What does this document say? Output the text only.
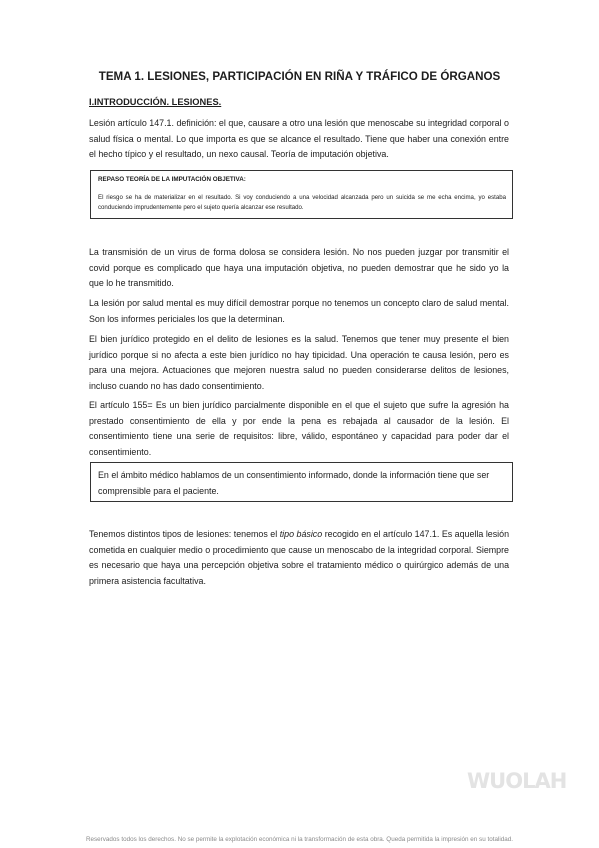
TEMA 1. LESIONES, PARTICIPACIÓN EN RIÑA Y TRÁFICO DE ÓRGANOS
I.INTRODUCCIÓN. LESIONES.

Lesión artículo 147.1. definición: el que, causare a otro una lesión que menoscabe su integridad corporal o salud física o mental. Lo que importa es que se alcance el resultado. Tiene que haber una conexión entre el hecho típico y el resultado, un nexo causal. Teoría de imputación objetiva.

REPASO TEORÍA DE LA IMPUTACIÓN OBJETIVA:
El riesgo se ha de materializar en el resultado. Si voy conduciendo a una velocidad alcanzada pero un suicida se me echa encima, yo estaba conduciendo imprudentemente pero el sujeto quería alcanzar ese resultado.

La transmisión de un virus de forma dolosa se considera lesión. No nos pueden juzgar por transmitir el covid porque es complicado que haya una imputación objetiva, no pueden demostrar que he sido yo la que lo he transmitido.

La lesión por salud mental es muy difícil demostrar porque no tenemos un concepto claro de salud mental. Son los informes periciales los que la determinan.

El bien jurídico protegido en el delito de lesiones es la salud. Tenemos que tener muy presente el bien jurídico porque si no afecta a este bien jurídico no hay tipicidad. Una operación te causa lesión, pero es para una mejora. Actuaciones que mejoren nuestra salud no pueden considerarse delitos de lesiones, incluso cuando no has dado consentimiento.

El artículo 155= Es un bien jurídico parcialmente disponible en el que el sujeto que sufre la agresión ha prestado consentimiento de ella y por ende la pena es rebajada al causador de la lesión. El consentimiento tiene una serie de requisitos: libre, válido, espontáneo y capacidad para poder dar el consentimiento.

En el ámbito médico hablamos de un consentimiento informado, donde la información tiene que ser comprensible para el paciente.

Tenemos distintos tipos de lesiones: tenemos el tipo básico recogido en el artículo 147.1. Es aquella lesión cometida en cualquier medio o procedimiento que cause un menoscabo de la integridad corporal. Siempre es necesario que haya una percepción objetiva sobre el tratamiento médico o quirúrgico además de una primera asistencia facultativa.

WUOLAH
Reservados todos los derechos. No se permite la explotación económica ni la transformación de esta obra. Queda permitida la impresión en su totalidad.
